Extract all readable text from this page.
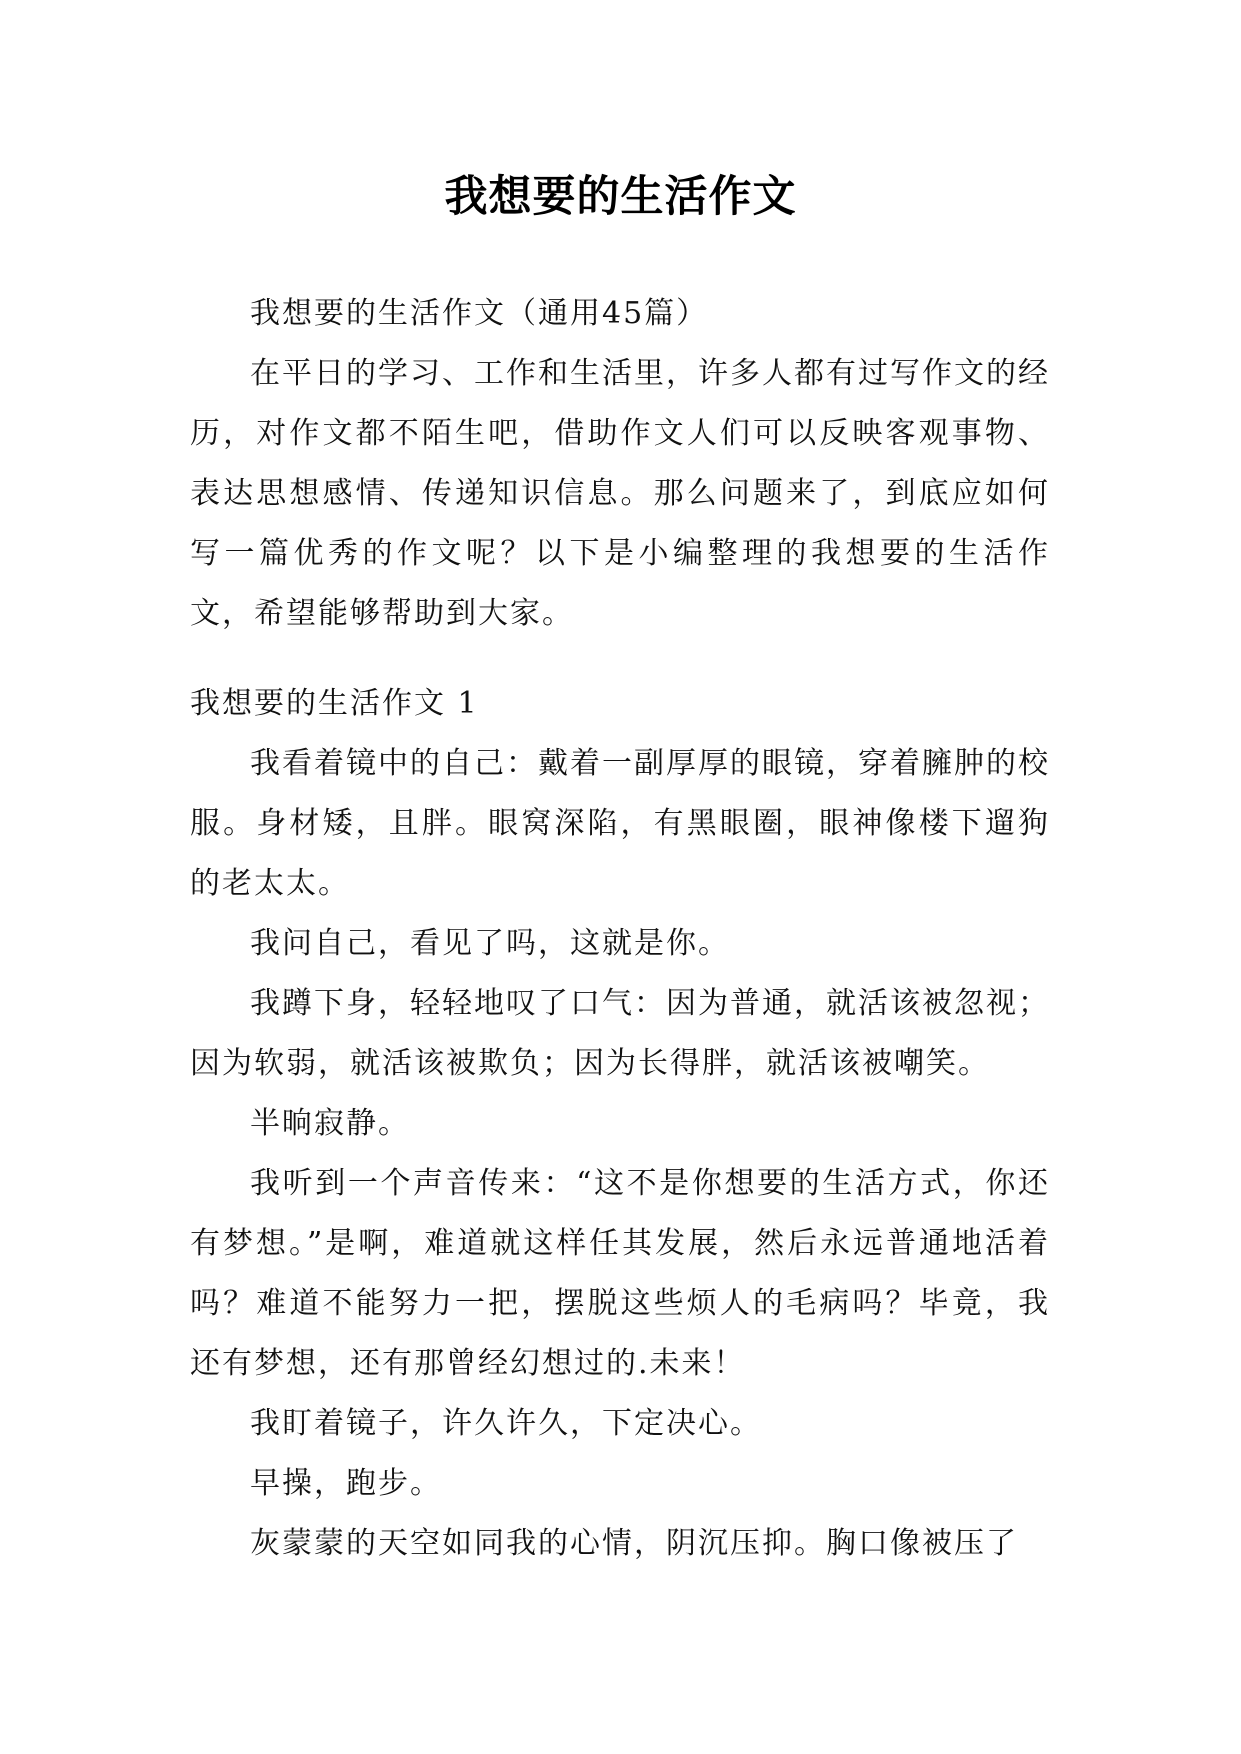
我想要的生活作文

我想要的生活作文（通用45篇）

在平日的学习、工作和生活里，许多人都有过写作文的经历，对作文都不陌生吧，借助作文人们可以反映客观事物、表达思想感情、传递知识信息。那么问题来了，到底应如何写一篇优秀的作文呢？以下是小编整理的我想要的生活作文，希望能够帮助到大家。

我想要的生活作文 1

我看着镜中的自己：戴着一副厚厚的眼镜，穿着臃肿的校服。身材矮，且胖。眼窝深陷，有黑眼圈，眼神像楼下遛狗的老太太。

我问自己，看见了吗，这就是你。

我蹲下身，轻轻地叹了口气：因为普通，就活该被忽视；因为软弱，就活该被欺负；因为长得胖，就活该被嘲笑。

半晌寂静。

我听到一个声音传来：“这不是你想要的生活方式，你还有梦想。”是啊，难道就这样任其发展，然后永远普通地活着吗？难道不能努力一把，摆脱这些烦人的毛病吗？毕竟，我还有梦想，还有那曾经幻想过的.未来！

我盯着镜子，许久许久，下定决心。

早操，跑步。

灰蒙蒙的天空如同我的心情，阴沉压抑。胸口像被压了
